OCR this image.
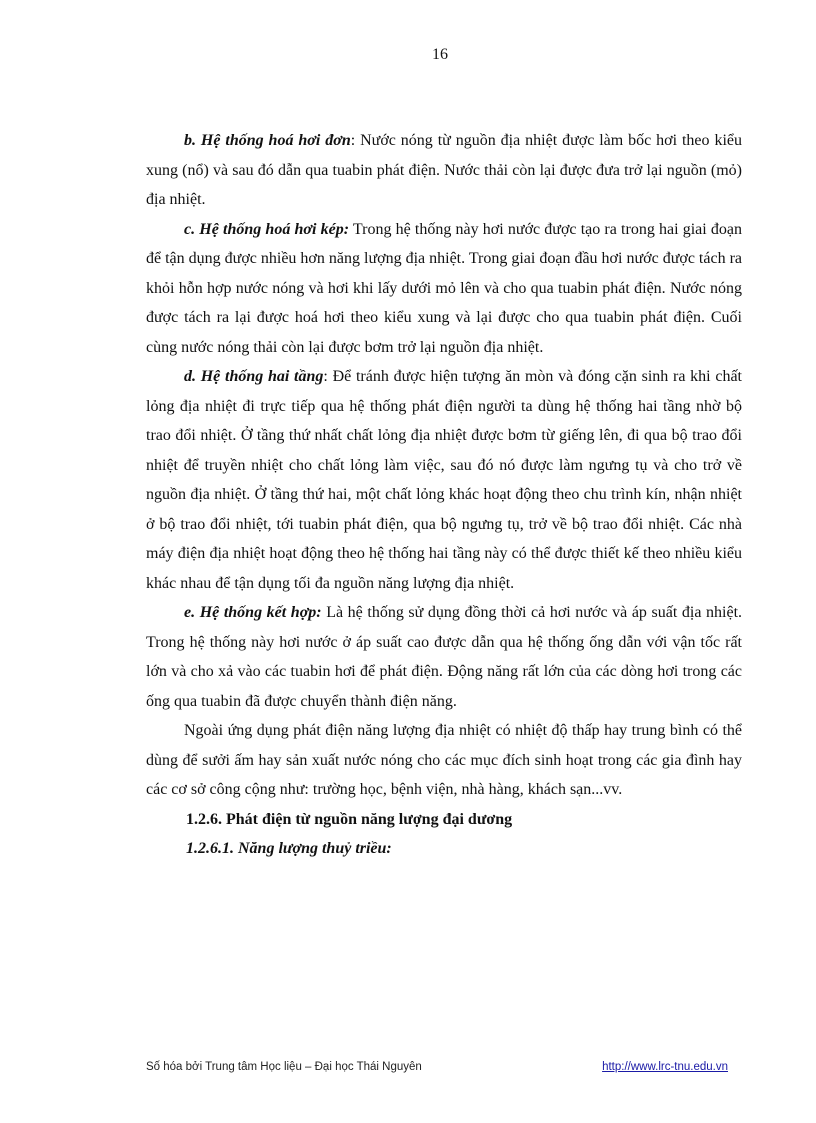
16

b. Hệ thống hoá hơi đơn: Nước nóng từ nguồn địa nhiệt được làm bốc hơi theo kiểu xung (nổ) và sau đó dẫn qua tuabin phát điện. Nước thải còn lại được đưa trở lại nguồn (mỏ) địa nhiệt.

c. Hệ thống hoá hơi kép: Trong hệ thống này hơi nước được tạo ra trong hai giai đoạn để tận dụng được nhiều hơn năng lượng địa nhiệt. Trong giai đoạn đầu hơi nước được tách ra khỏi hỗn hợp nước nóng và hơi khi lấy dưới mỏ lên và cho qua tuabin phát điện. Nước nóng được tách ra lại được hoá hơi theo kiểu xung và lại được cho qua tuabin phát điện. Cuối cùng nước nóng thải còn lại được bơm trở lại nguồn địa nhiệt.

d. Hệ thống hai tầng: Để tránh được hiện tượng ăn mòn và đóng cặn sinh ra khi chất lỏng địa nhiệt đi trực tiếp qua hệ thống phát điện người ta dùng hệ thống hai tầng nhờ bộ trao đổi nhiệt. Ở tầng thứ nhất chất lỏng địa nhiệt được bơm từ giếng lên, đi qua bộ trao đổi nhiệt để truyền nhiệt cho chất lỏng làm việc, sau đó nó được làm ngưng tụ và cho trở về nguồn địa nhiệt. Ở tầng thứ hai, một chất lỏng khác hoạt động theo chu trình kín, nhận nhiệt ở bộ trao đổi nhiệt, tới tuabin phát điện, qua bộ ngưng tụ, trở về bộ trao đổi nhiệt. Các nhà máy điện địa nhiệt hoạt động theo hệ thống hai tầng này có thể được thiết kế theo nhiều kiểu khác nhau để tận dụng tối đa nguồn năng lượng địa nhiệt.

e. Hệ thống kết hợp: Là hệ thống sử dụng đồng thời cả hơi nước và áp suất địa nhiệt. Trong hệ thống này hơi nước ở áp suất cao được dẫn qua hệ thống ống dẫn với vận tốc rất lớn và cho xả vào các tuabin hơi để phát điện. Động năng rất lớn của các dòng hơi trong các ống qua tuabin đã được chuyển thành điện năng.

Ngoài ứng dụng phát điện năng lượng địa nhiệt có nhiệt độ thấp hay trung bình có thể dùng để sưởi ấm hay sản xuất nước nóng cho các mục đích sinh hoạt trong các gia đình hay các cơ sở công cộng như: trường học, bệnh viện, nhà hàng, khách sạn...vv.

1.2.6. Phát điện từ nguồn năng lượng đại dương

1.2.6.1. Năng lượng thuỷ triều:

Số hóa bởi Trung tâm Học liệu – Đại học Thái Nguyên	http://www.lrc-tnu.edu.vn
